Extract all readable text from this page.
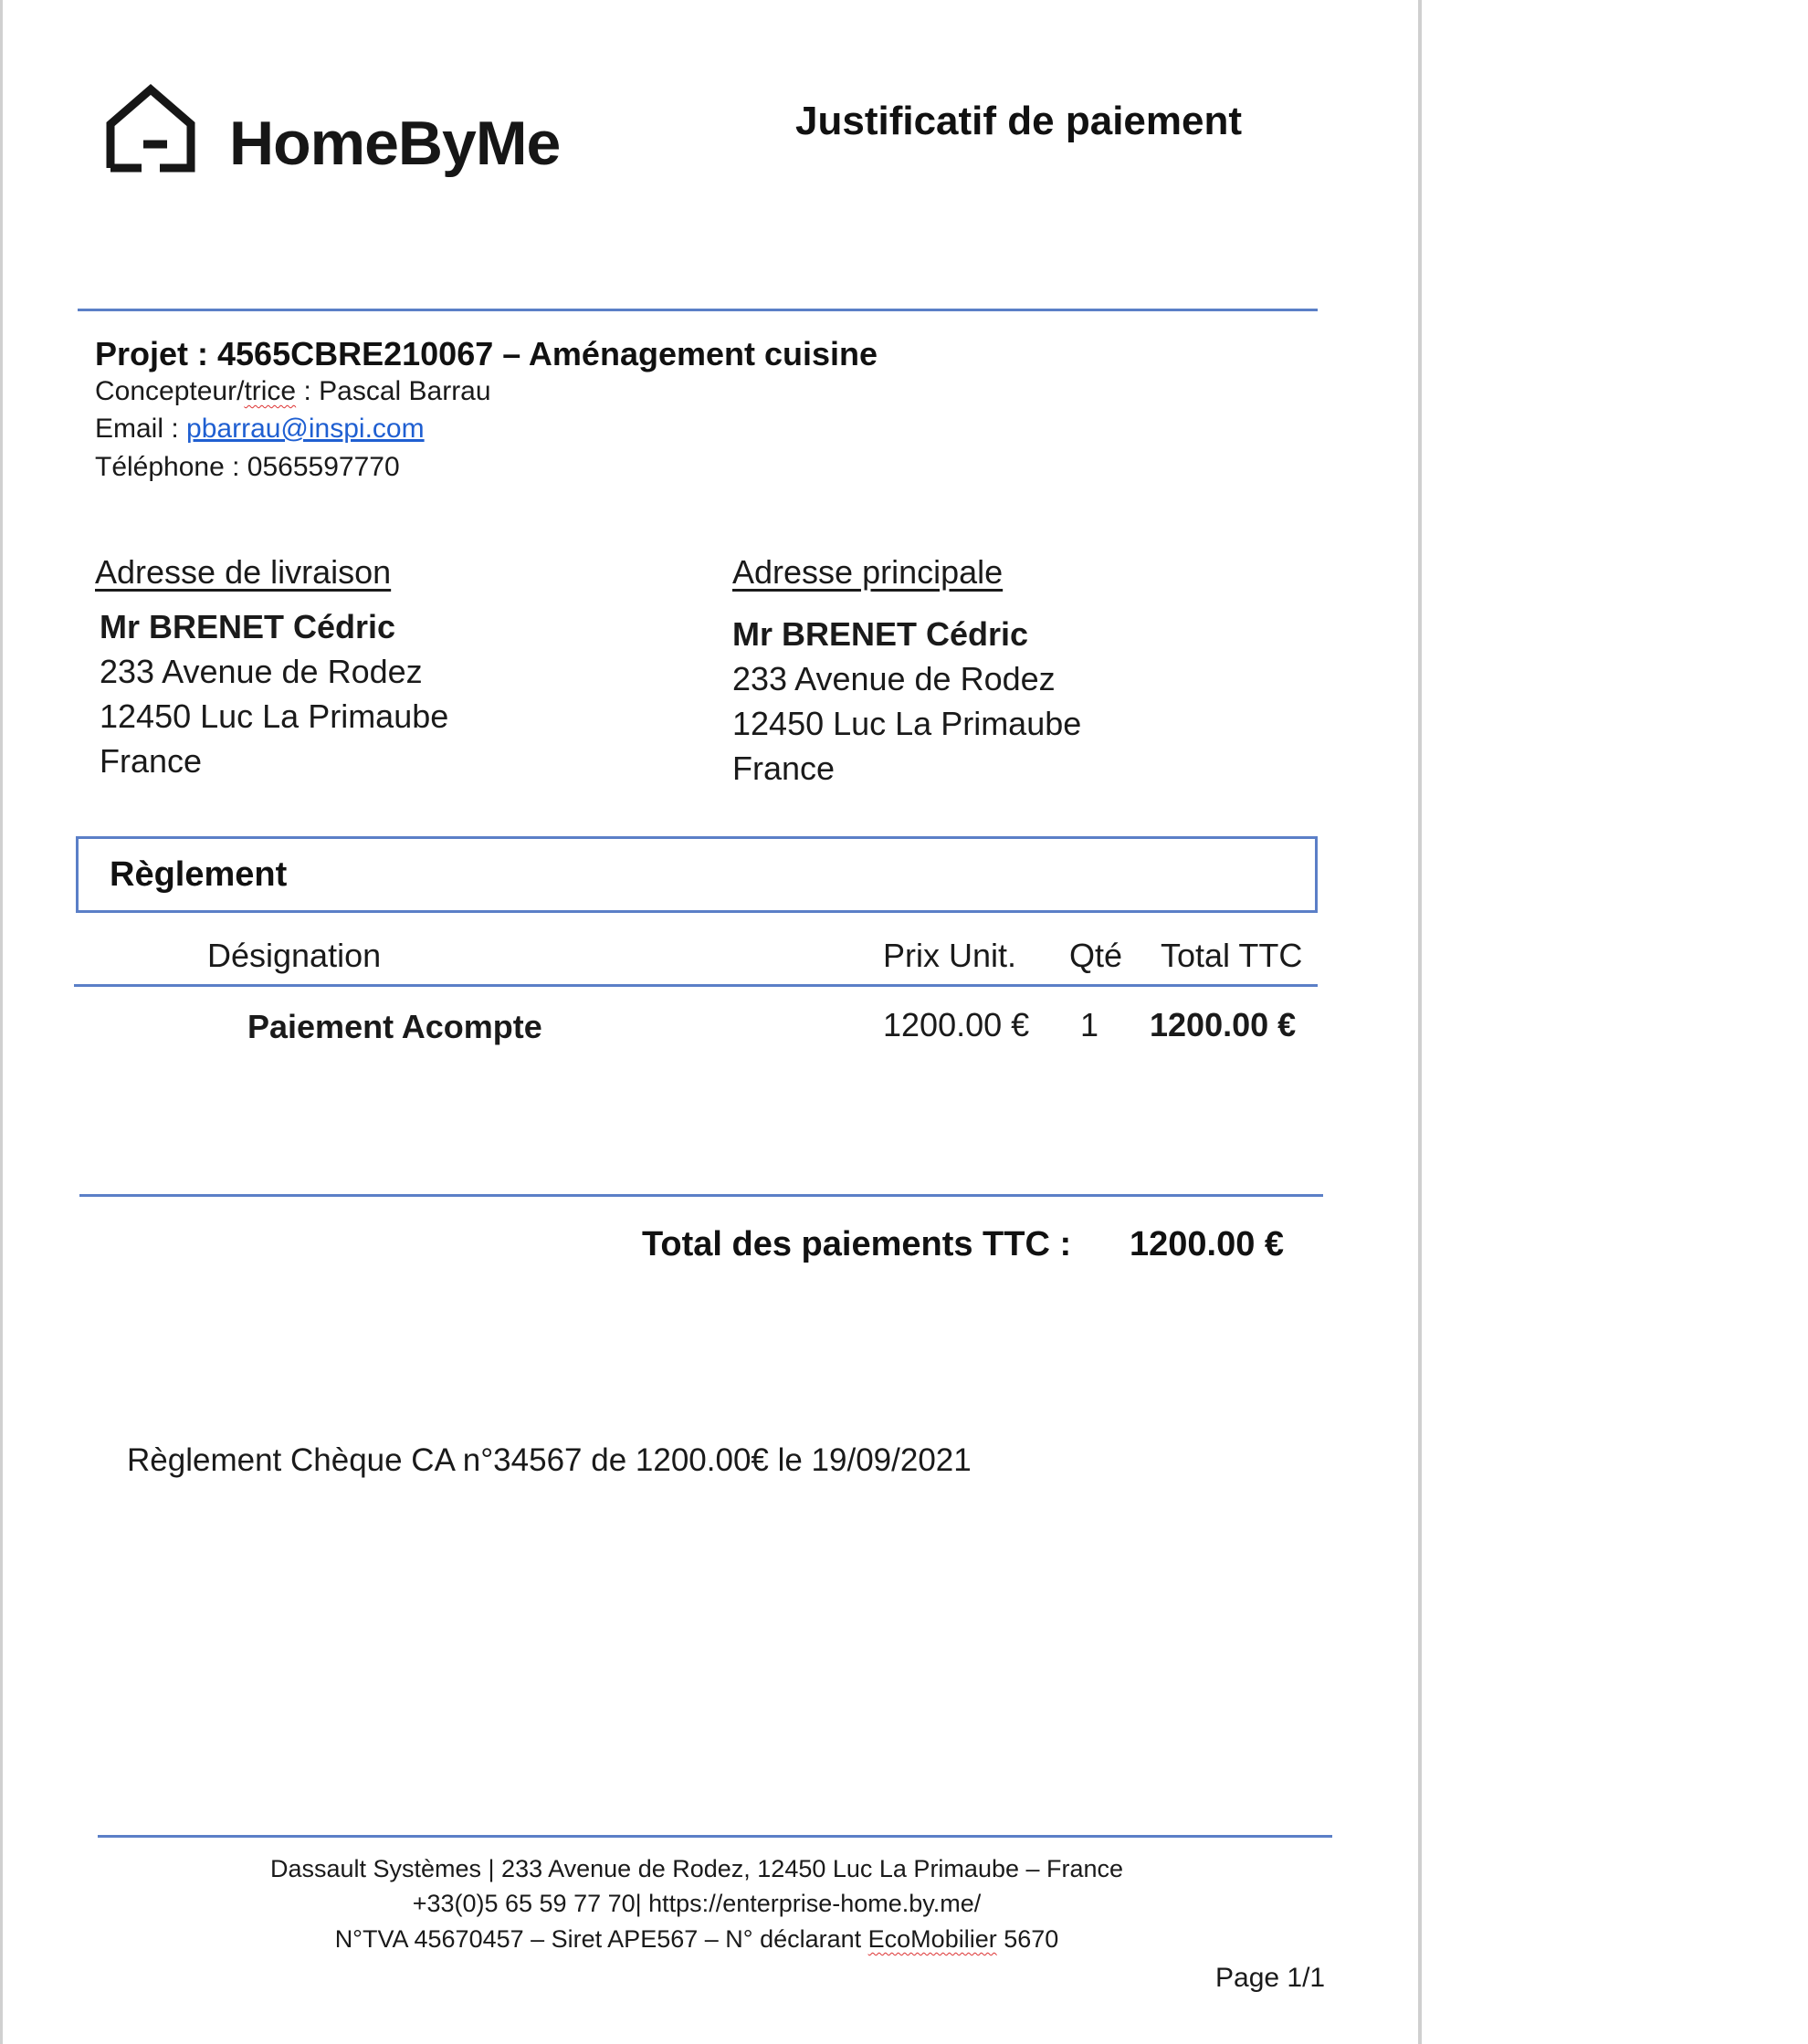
HomeByMe	Justificatif de paiement
Projet : 4565CBRE210067 – Aménagement cuisine
Concepteur/trice : Pascal Barrau
Email : pbarrau@inspi.com
Téléphone : 0565597770
Adresse de livraison
Mr BRENET Cédric
233 Avenue de Rodez
12450 Luc La Primaube
France
Adresse principale
Mr BRENET Cédric
233 Avenue de Rodez
12450 Luc La Primaube
France
Règlement
Désignation	Prix Unit. Qté Total TTC
Paiement Acompte	1200.00 € 1 1200.00 €
Total des paiements TTC : 1200.00 €
Règlement Chèque CA n°34567 de 1200.00€ le 19/09/2021
Dassault Systèmes | 233 Avenue de Rodez, 12450 Luc La Primaube – France
+33(0)5 65 59 77 70| https://enterprise-home.by.me/
N°TVA 45670457 – Siret APE567 – N° déclarant EcoMobilier 5670
Page 1/1
